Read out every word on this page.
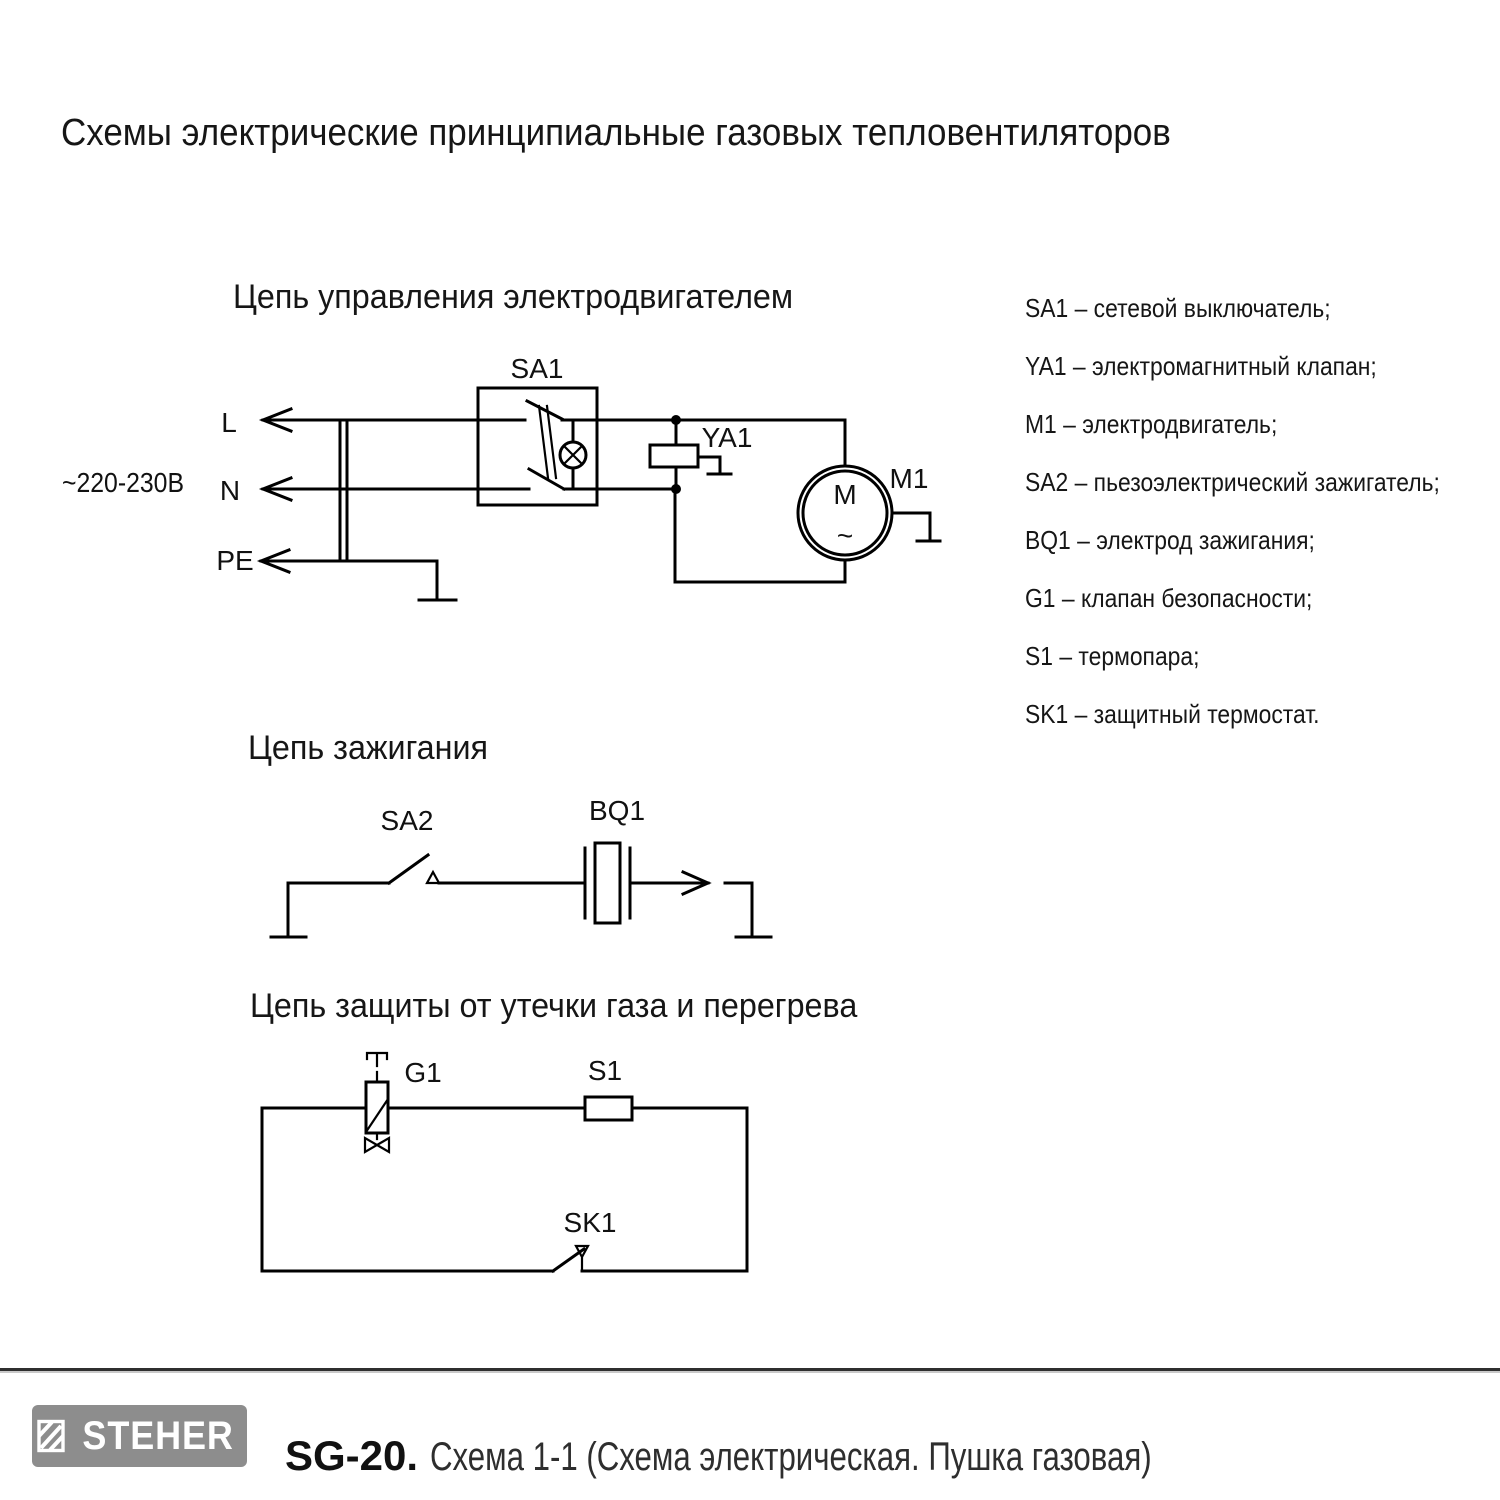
Схемы электрические принципиальные газовых тепловентиляторов
Цепь управления электродвигателем
Цепь зажигания
Цепь защиты от утечки газа и перегрева
SA1 – сетевой выключатель;
YA1 – электромагнитный клапан;
M1 – электродвигатель;
SA2 – пьезоэлектрический зажигатель;
BQ1 – электрод зажигания;
G1 – клапан безопасности;
S1 – термопара;
SK1 – защитный термостат.
SA1
YA1
M1
L
N
PE
~220-230В	M
~
SA2	BQ1
G1	S1
SK1
STEHER SG-20. Схема 1-1 (Схема электрическая. Пушка газовая)
